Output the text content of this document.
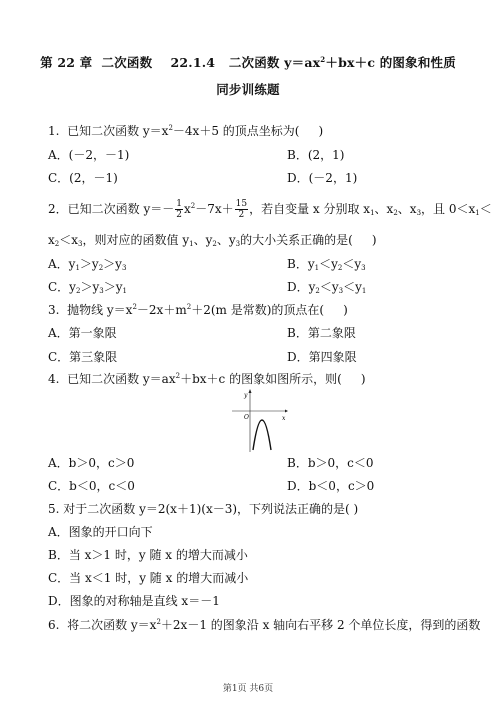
第 22 章  二次函数    22.1.4   二次函数 $y=ax^2+bx+c$ 的图象和性质
同步训练题
1.  已知二次函数 $y=x^2-4x+5$ 的顶点坐标为(     )
A．(－2，－1)	B．(2，1)
C．(2，－1)	D．(－2，1)
2．已知二次函数 $y=- \frac{1}{2} x^2-7x+ \frac{15}{2}$ ，若自变量 x 分别取 $x_1$、$x_2$、$x_3$，且 $0<x_1<$
$x_2<x_3$，则对应的函数值 $y_1$、$y_2$、$y_3$的大小关系正确的是(     )
A．$y_1>y_2>y_3$	B．$y_1<y_2<y_3$
C．$y_2>y_3>y_1$	D．$y_2<y_3<y_1$
3.  抛物线 $y=x^2-2x+m^2+2(m$ 是常数)的顶点在(     )
A．第一象限	B．第二象限
C．第三象限	D．第四象限
4.  已知二次函数 $y=ax^2+bx+c$ 的图象如图所示，则(     )
y
x
O
A．b＞0，c＞0	B．b＞0，c＜0
C．b＜0，c＜0	D．b＜0，c＞0
5. 对于二次函数 y＝2(x＋1)(x－3)，下列说法正确的是( )
A．图象的开口向下
B．当 x＞1 时，y 随 x 的增大而减小
C．当 x＜1 时，y 随 x 的增大而减小
D．图象的对称轴是直线 x＝－1
6.  将二次函数 $y=x^2+2x-1$ 的图象沿 x 轴向右平移 2 个单位长度，得到的函数
第1页 共6页
